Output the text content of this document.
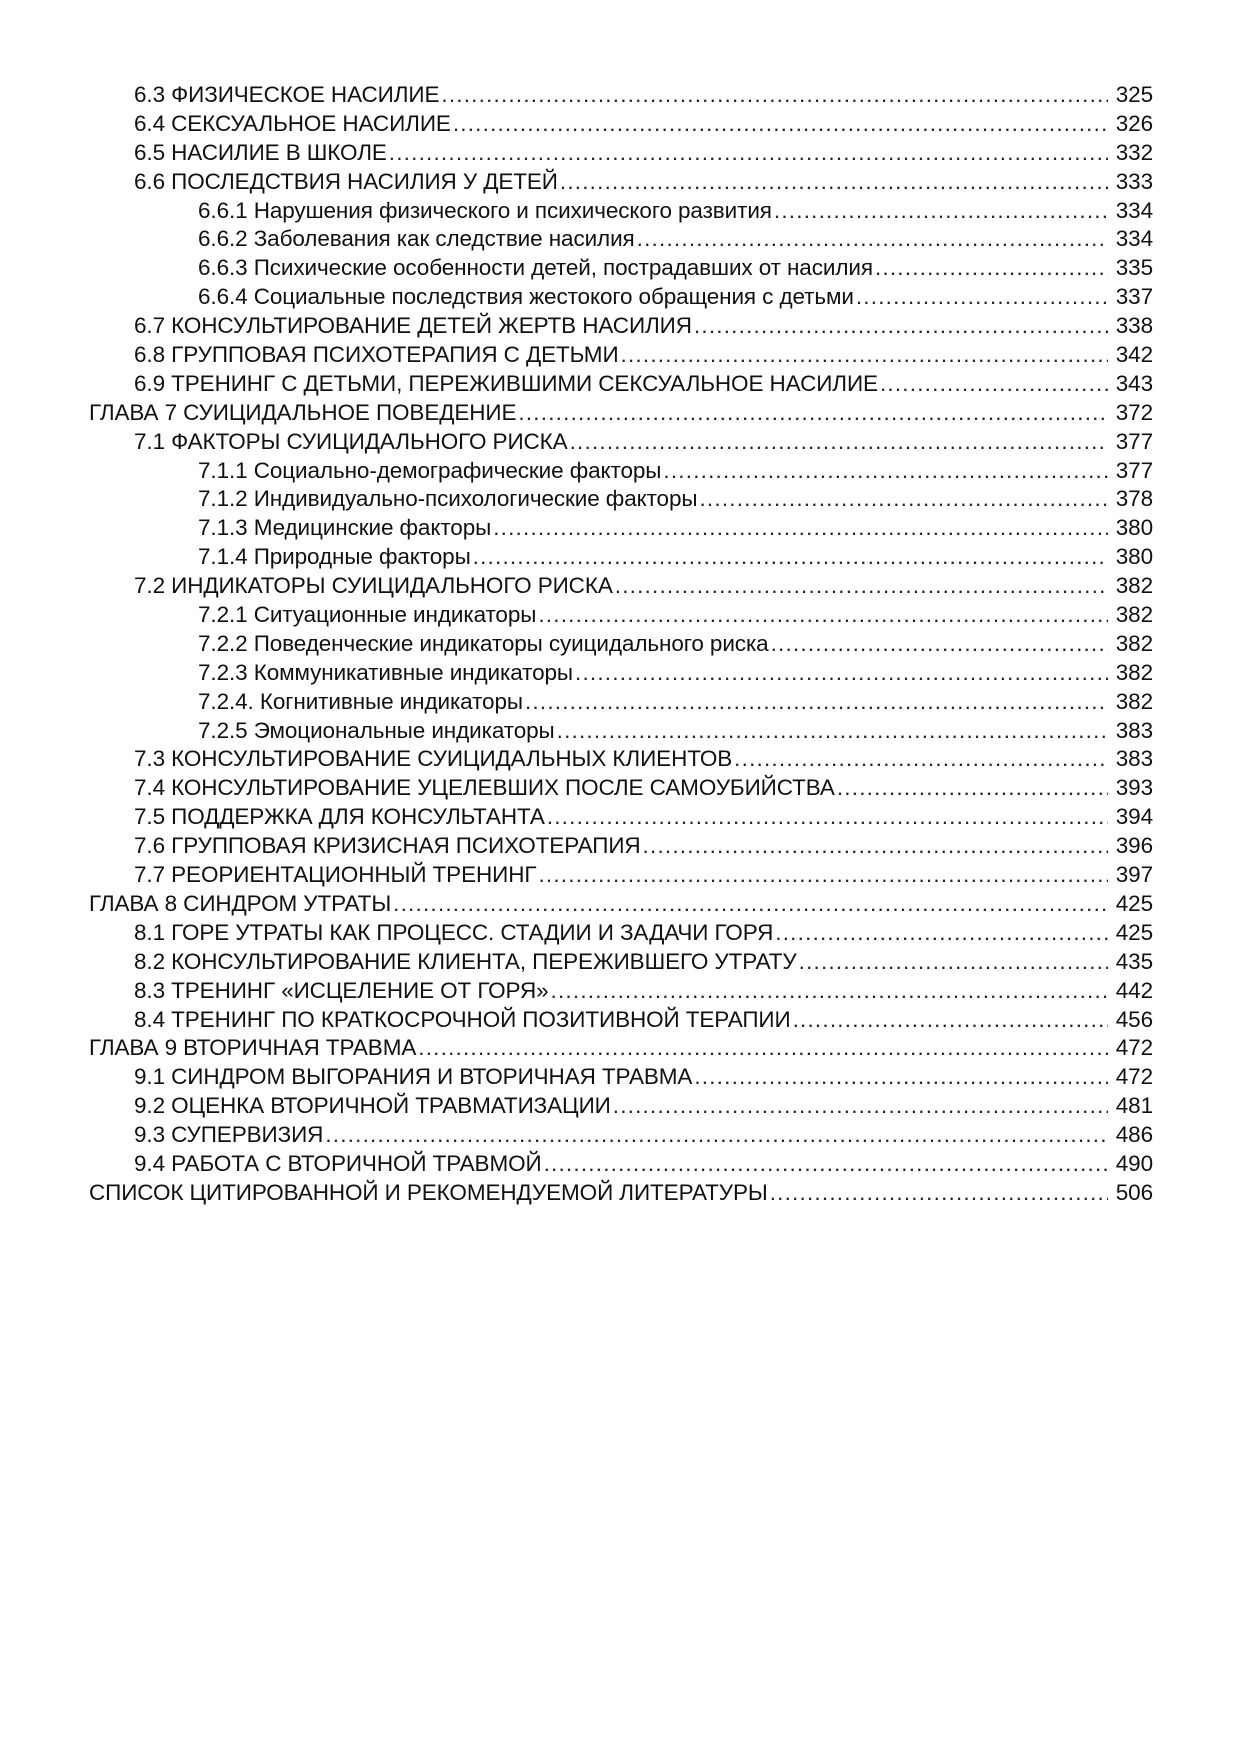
6.3 ФИЗИЧЕСКОЕ НАСИЛИЕ .....	325
6.4 СЕКСУАЛЬНОЕ НАСИЛИЕ .....	326
6.5 НАСИЛИЕ В ШКОЛЕ .....	332
6.6 ПОСЛЕДСТВИЯ НАСИЛИЯ У ДЕТЕЙ .....	333
6.6.1 Нарушения физического и психического развития .....	334
6.6.2 Заболевания как следствие насилия .....	334
6.6.3 Психические особенности детей, пострадавших от насилия .....	335
6.6.4 Социальные последствия жестокого обращения с детьми .....	337
6.7 КОНСУЛЬТИРОВАНИЕ ДЕТЕЙ ЖЕРТВ НАСИЛИЯ .....	338
6.8 ГРУППОВАЯ ПСИХОТЕРАПИЯ С ДЕТЬМИ .....	342
6.9 ТРЕНИНГ С ДЕТЬМИ, ПЕРЕЖИВШИМИ СЕКСУАЛЬНОЕ НАСИЛИЕ .....	343
ГЛАВА 7 СУИЦИДАЛЬНОЕ ПОВЕДЕНИЕ .....	372
7.1 ФАКТОРЫ СУИЦИДАЛЬНОГО РИСКА .....	377
7.1.1 Социально-демографические факторы .....	377
7.1.2 Индивидуально-психологические факторы .....	378
7.1.3 Медицинские факторы .....	380
7.1.4 Природные факторы .....	380
7.2 ИНДИКАТОРЫ СУИЦИДАЛЬНОГО РИСКА .....	382
7.2.1 Ситуационные индикаторы .....	382
7.2.2 Поведенческие индикаторы суицидального риска .....	382
7.2.3 Коммуникативные индикаторы .....	382
7.2.4. Когнитивные индикаторы .....	382
7.2.5 Эмоциональные индикаторы .....	383
7.3 КОНСУЛЬТИРОВАНИЕ СУИЦИДАЛЬНЫХ КЛИЕНТОВ .....	383
7.4 КОНСУЛЬТИРОВАНИЕ УЦЕЛЕВШИХ ПОСЛЕ САМОУБИЙСТВА .....	393
7.5 ПОДДЕРЖКА ДЛЯ КОНСУЛЬТАНТА .....	394
7.6 ГРУППОВАЯ КРИЗИСНАЯ ПСИХОТЕРАПИЯ .....	396
7.7 РЕОРИЕНТАЦИОННЫЙ ТРЕНИНГ .....	397
ГЛАВА 8 СИНДРОМ УТРАТЫ .....	425
8.1 ГОРЕ УТРАТЫ КАК ПРОЦЕСС. СТАДИИ И ЗАДАЧИ ГОРЯ .....	425
8.2 КОНСУЛЬТИРОВАНИЕ КЛИЕНТА, ПЕРЕЖИВШЕГО УТРАТУ .....	435
8.3 ТРЕНИНГ «ИСЦЕЛЕНИЕ ОТ ГОРЯ» .....	442
8.4 ТРЕНИНГ ПО КРАТКОСРОЧНОЙ ПОЗИТИВНОЙ ТЕРАПИИ .....	456
ГЛАВА 9 ВТОРИЧНАЯ ТРАВМА .....	472
9.1 СИНДРОМ ВЫГОРАНИЯ И ВТОРИЧНАЯ ТРАВМА .....	472
9.2 ОЦЕНКА ВТОРИЧНОЙ ТРАВМАТИЗАЦИИ .....	481
9.3 СУПЕРВИЗИЯ .....	486
9.4 РАБОТА С ВТОРИЧНОЙ ТРАВМОЙ .....	490
СПИСОК ЦИТИРОВАННОЙ И РЕКОМЕНДУЕМОЙ ЛИТЕРАТУРЫ .....	506
